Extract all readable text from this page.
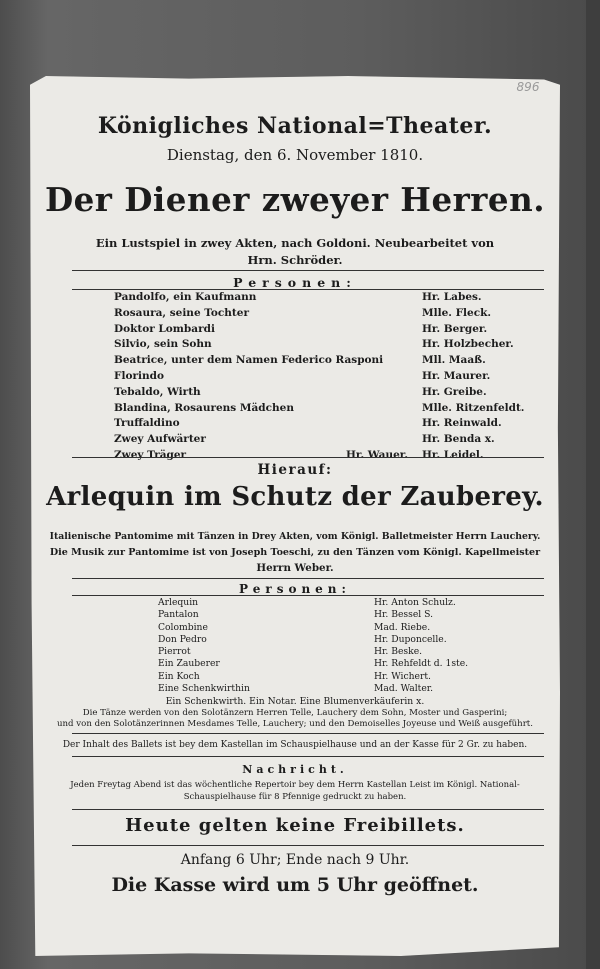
896
Königliches National=Theater.
Dienstag, den 6. November 1810.
Der Diener zweyer Herren.
Ein Lustspiel in zwey Akten, nach Goldoni. Neubearbeitet von
Hrn. Schröder.
Personen:
Pandolfo, ein Kaufmann	Hr. Labes.
Rosaura, seine Tochter	Mlle. Fleck.
Doktor Lombardi	Hr. Berger.
Silvio, sein Sohn	Hr. Holzbecher.
Beatrice, unter dem Namen Federico Rasponi	Mll. Maaß.
Florindo	Hr. Maurer.
Tebaldo, Wirth	Hr. Greibe.
Blandina, Rosaurens Mädchen	Mlle. Ritzenfeldt.
Truffaldino	Hr. Reinwald.
Zwey Aufwärter	Hr. Benda x.
Zwey Träger	Hr. Wauer. Hr. Leidel.
Hierauf:
Arlequin im Schutz der Zauberey.
Italienische Pantomime mit Tänzen in Drey Akten, vom Königl. Balletmeister Herrn Lauchery.
Die Musik zur Pantomime ist von Joseph Toeschi, zu den Tänzen vom Königl. Kapellmeister
Herrn Weber.
Personen:
Arlequin	Hr. Anton Schulz.
Pantalon	Hr. Bessel S.
Colombine	Mad. Riebe.
Don Pedro	Hr. Duponcelle.
Pierrot	Hr. Beske.
Ein Zauberer	Hr. Rehfeldt d. 1ste.
Ein Koch	Hr. Wichert.
Eine Schenkwirthin	Mad. Walter.
Ein Schenkwirth. Ein Notar. Eine Blumenverkäuferin x.
Die Tänze werden von den Solotänzern Herren Telle, Lauchery dem Sohn, Moster und Gasperini;
und von den Solotänzerinnen Mesdames Telle, Lauchery; und den Demoiselles Joyeuse und Weiß ausgeführt.
Der Inhalt des Ballets ist bey dem Kastellan im Schauspielhause und an der Kasse für 2 Gr. zu haben.
Nachricht.
Jeden Freytag Abend ist das wöchentliche Repertoir bey dem Herrn Kastellan Leist im Königl. National-
Schauspielhause für 8 Pfennige gedruckt zu haben.
Heute gelten keine Freibillets.
Anfang 6 Uhr; Ende nach 9 Uhr.
Die Kasse wird um 5 Uhr geöffnet.
